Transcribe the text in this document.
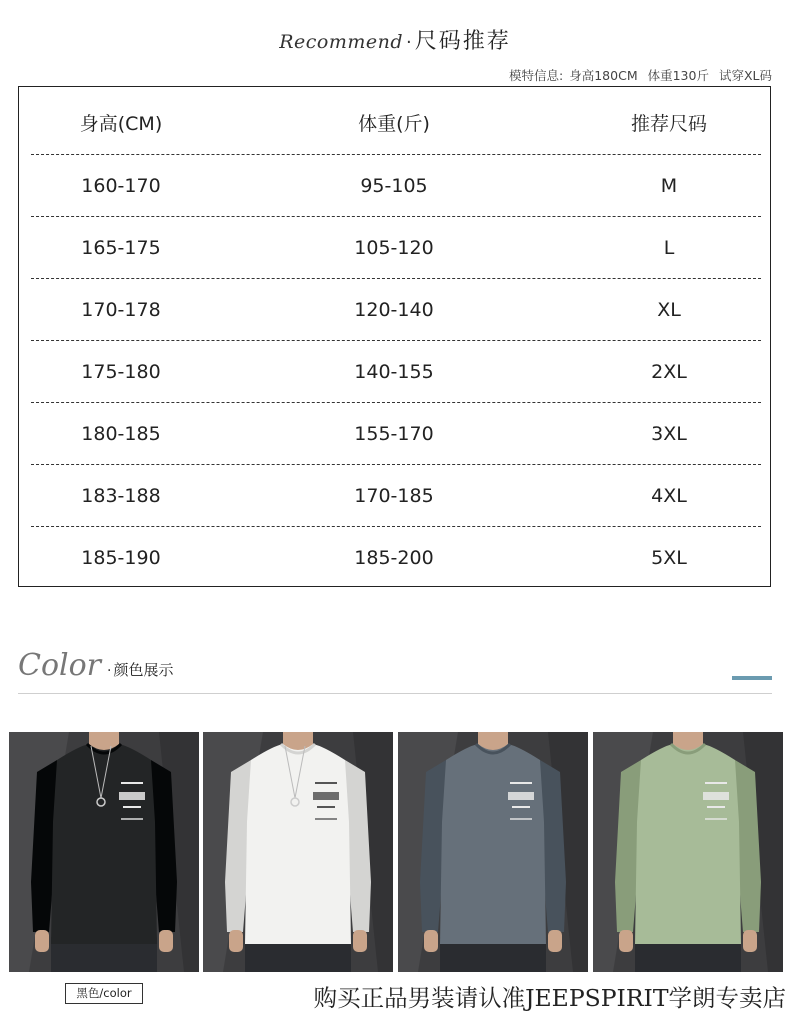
Recommend · 尺码推荐
模特信息: 身高180CM 体重130斤 试穿XL码
身高(CM)	体重(斤)	推荐尺码
160-170	95-105	M
165-175	105-120	L
170-178	120-140	XL
175-180	140-155	2XL
180-185	155-170	3XL
183-188	170-185	4XL
185-190	185-200	5XL
Color · 颜色展示
黑色/color	购买正品男装请认准JEEPSPIRIT学朗专卖店
